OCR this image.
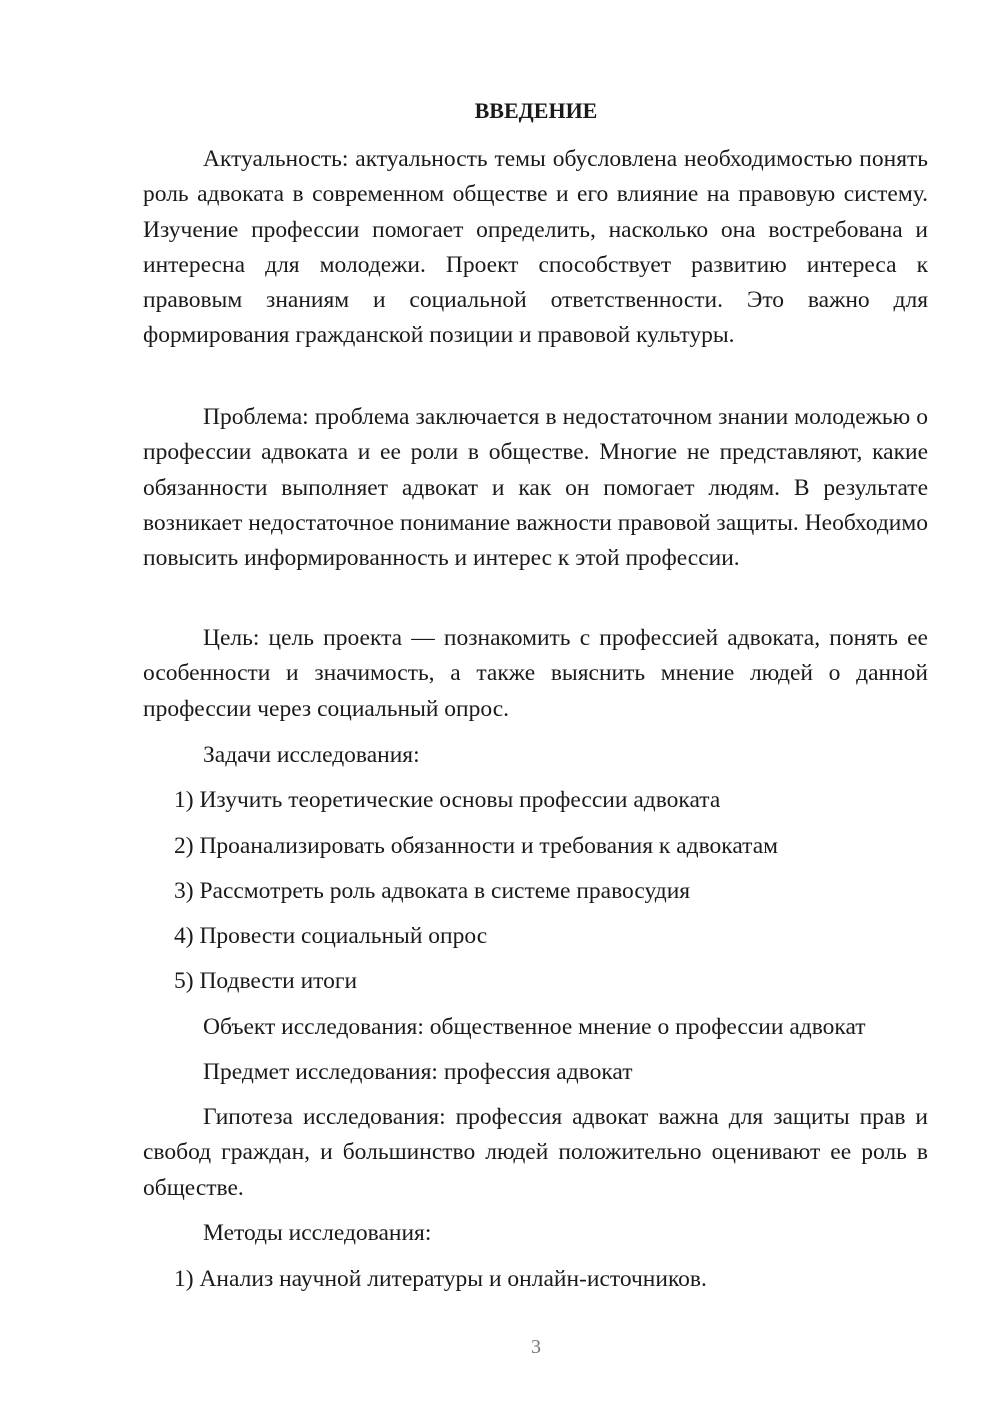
ВВЕДЕНИЕ
Актуальность: актуальность темы обусловлена необходимостью понять роль адвоката в современном обществе и его влияние на правовую систему. Изучение профессии помогает определить, насколько она востребована и интересна для молодежи. Проект способствует развитию интереса к правовым знаниям и социальной ответственности. Это важно для формирования гражданской позиции и правовой культуры.
Проблема: проблема заключается в недостаточном знании молодежью о профессии адвоката и ее роли в обществе. Многие не представляют, какие обязанности выполняет адвокат и как он помогает людям. В результате возникает недостаточное понимание важности правовой защиты. Необходимо повысить информированность и интерес к этой профессии.
Цель: цель проекта — познакомить с профессией адвоката, понять ее особенности и значимость, а также выяснить мнение людей о данной профессии через социальный опрос.
Задачи исследования:
1) Изучить теоретические основы профессии адвоката
2) Проанализировать обязанности и требования к адвокатам
3) Рассмотреть роль адвоката в системе правосудия
4) Провести социальный опрос
5) Подвести итоги
Объект исследования: общественное мнение о профессии адвокат
Предмет исследования: профессия адвокат
Гипотеза исследования: профессия адвокат важна для защиты прав и свобод граждан, и большинство людей положительно оценивают ее роль в обществе.
Методы исследования:
1) Анализ научной литературы и онлайн-источников.
3
